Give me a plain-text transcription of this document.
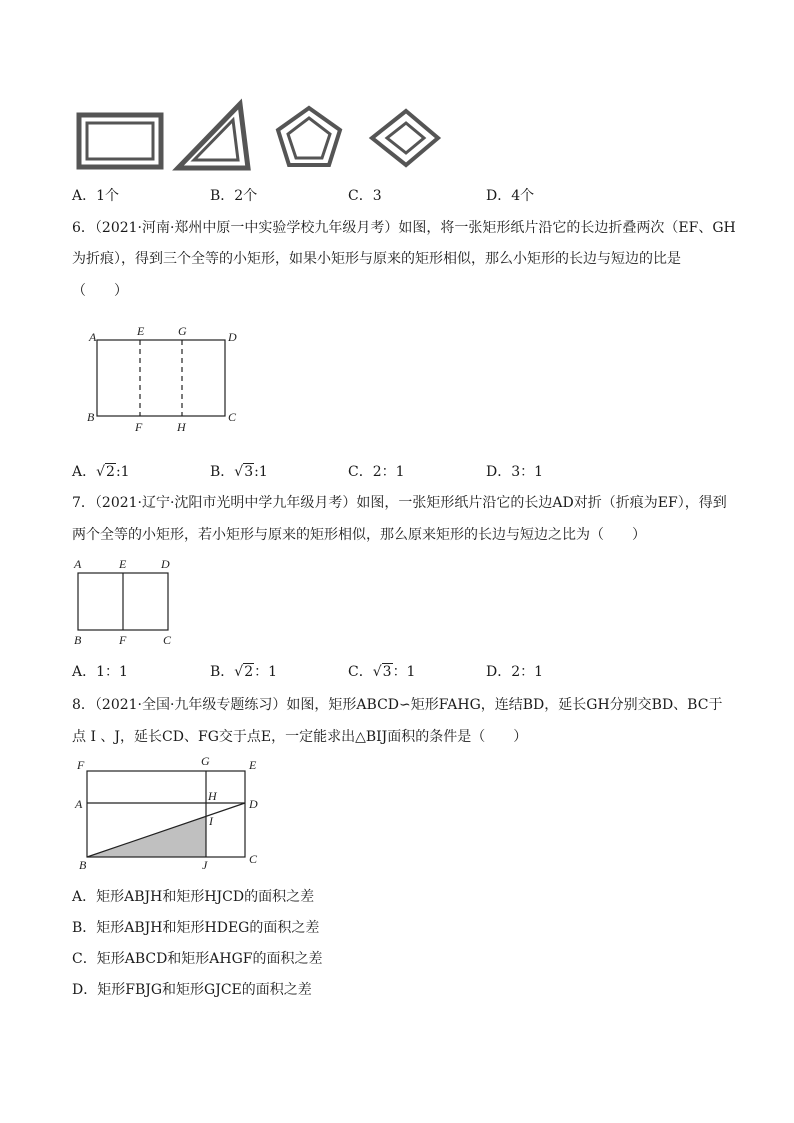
A．1个	B．2个	C．3	D．4个
6．（2021·河南·郑州中原一中实验学校九年级月考）如图，将一张矩形纸片沿它的长边折叠两次（EF、GH
为折痕），得到三个全等的小矩形，如果小矩形与原来的矩形相似，那么小矩形的长边与短边的比是
（　　）
A	E	G	D
B
F	H
C
A．√2:1	B．√3:1	C．2：1	D．3：1
7．（2021·辽宁·沈阳市光明中学九年级月考）如图，一张矩形纸片沿它的长边AD对折（折痕为EF），得到
两个全等的小矩形，若小矩形与原来的矩形相似，那么原来矩形的长边与短边之比为（　　）
A	E	D
B	F	C
A．1：1	B．√2：1	C．√3：1	D．2：1
8．（2021·全国·九年级专题练习）如图，矩形ABCD∽矩形FAHG，连结BD，延长GH分别交BD、BC于
点 I 、J，延长CD、FG交于点E，一定能求出△BIJ面积的条件是（　　）
F	G	E
A
H
D
I
B	J	C
A．矩形ABJH和矩形HJCD的面积之差
B．矩形ABJH和矩形HDEG的面积之差
C．矩形ABCD和矩形AHGF的面积之差
D．矩形FBJG和矩形GJCE的面积之差
